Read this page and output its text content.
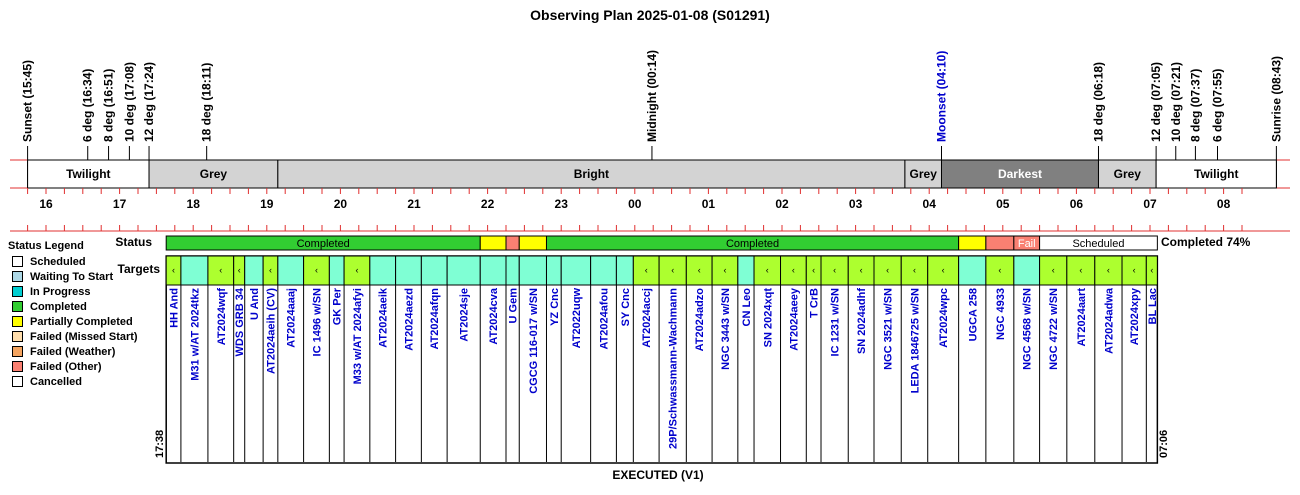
Observing Plan 2025-01-08 (S01291)
Sunset (15:45)	6 deg (16:34) 8 deg (16:51) 10 deg (17:08) 12 deg (17:24)	18 deg (18:11)	Midnight (00:14)	Moonset (04:10)	18 deg (06:18)	12 deg (07:05) 10 deg (07:21) 8 deg (07:37) 6 deg (07:55)	Sunrise (08:43)
Twilight	Grey	Bright	Grey	Darkest	Grey	Twilight
16	17	18	19	20	21	22	23	00	01	02	03	04	05	06	07	08
Status
Targets
Completed	Completed	Fail	Scheduled
‹
HH And M31 w/AT 2024tkz
‹
AT2024wqf
‹
WDS GRB 34 U And
‹
AT2024aeih (CV) AT2024aaaj
‹
IC 1496 w/SN GK Per
‹
M33 w/AT 2024afyi AT2024aeik AT2024aezd AT2024afqn AT2024sje AT2024cva U Gem CGCG 116-017 w/SN YZ Cnc AT2022uqw AT2024afou SY Cnc
‹
AT2024accj
‹
29P/Schwassmann-Wachmann
‹
AT2024adzo
‹
NGC 3443 w/SN CN Leo
‹
SN 2024xqt
‹
AT2024aeey
‹
T CrB
‹
IC 1231 w/SN
‹
SN 2024adhf
‹
NGC 3521 w/SN
‹
LEDA 1846725 w/SN
‹
AT2024wpc UGCA 258
‹
NGC 4933 NGC 4568 w/SN
‹
NGC 4722 w/SN
‹
AT2024aart
‹
AT2024adwa
‹
AT2024xpy
‹
BL Lac
Completed 74%
17:38	07:06
EXECUTED (V1)
Status Legend
Scheduled
Waiting To Start
In Progress
Completed
Partially Completed
Failed (Missed Start)
Failed (Weather)
Failed (Other)
Cancelled
